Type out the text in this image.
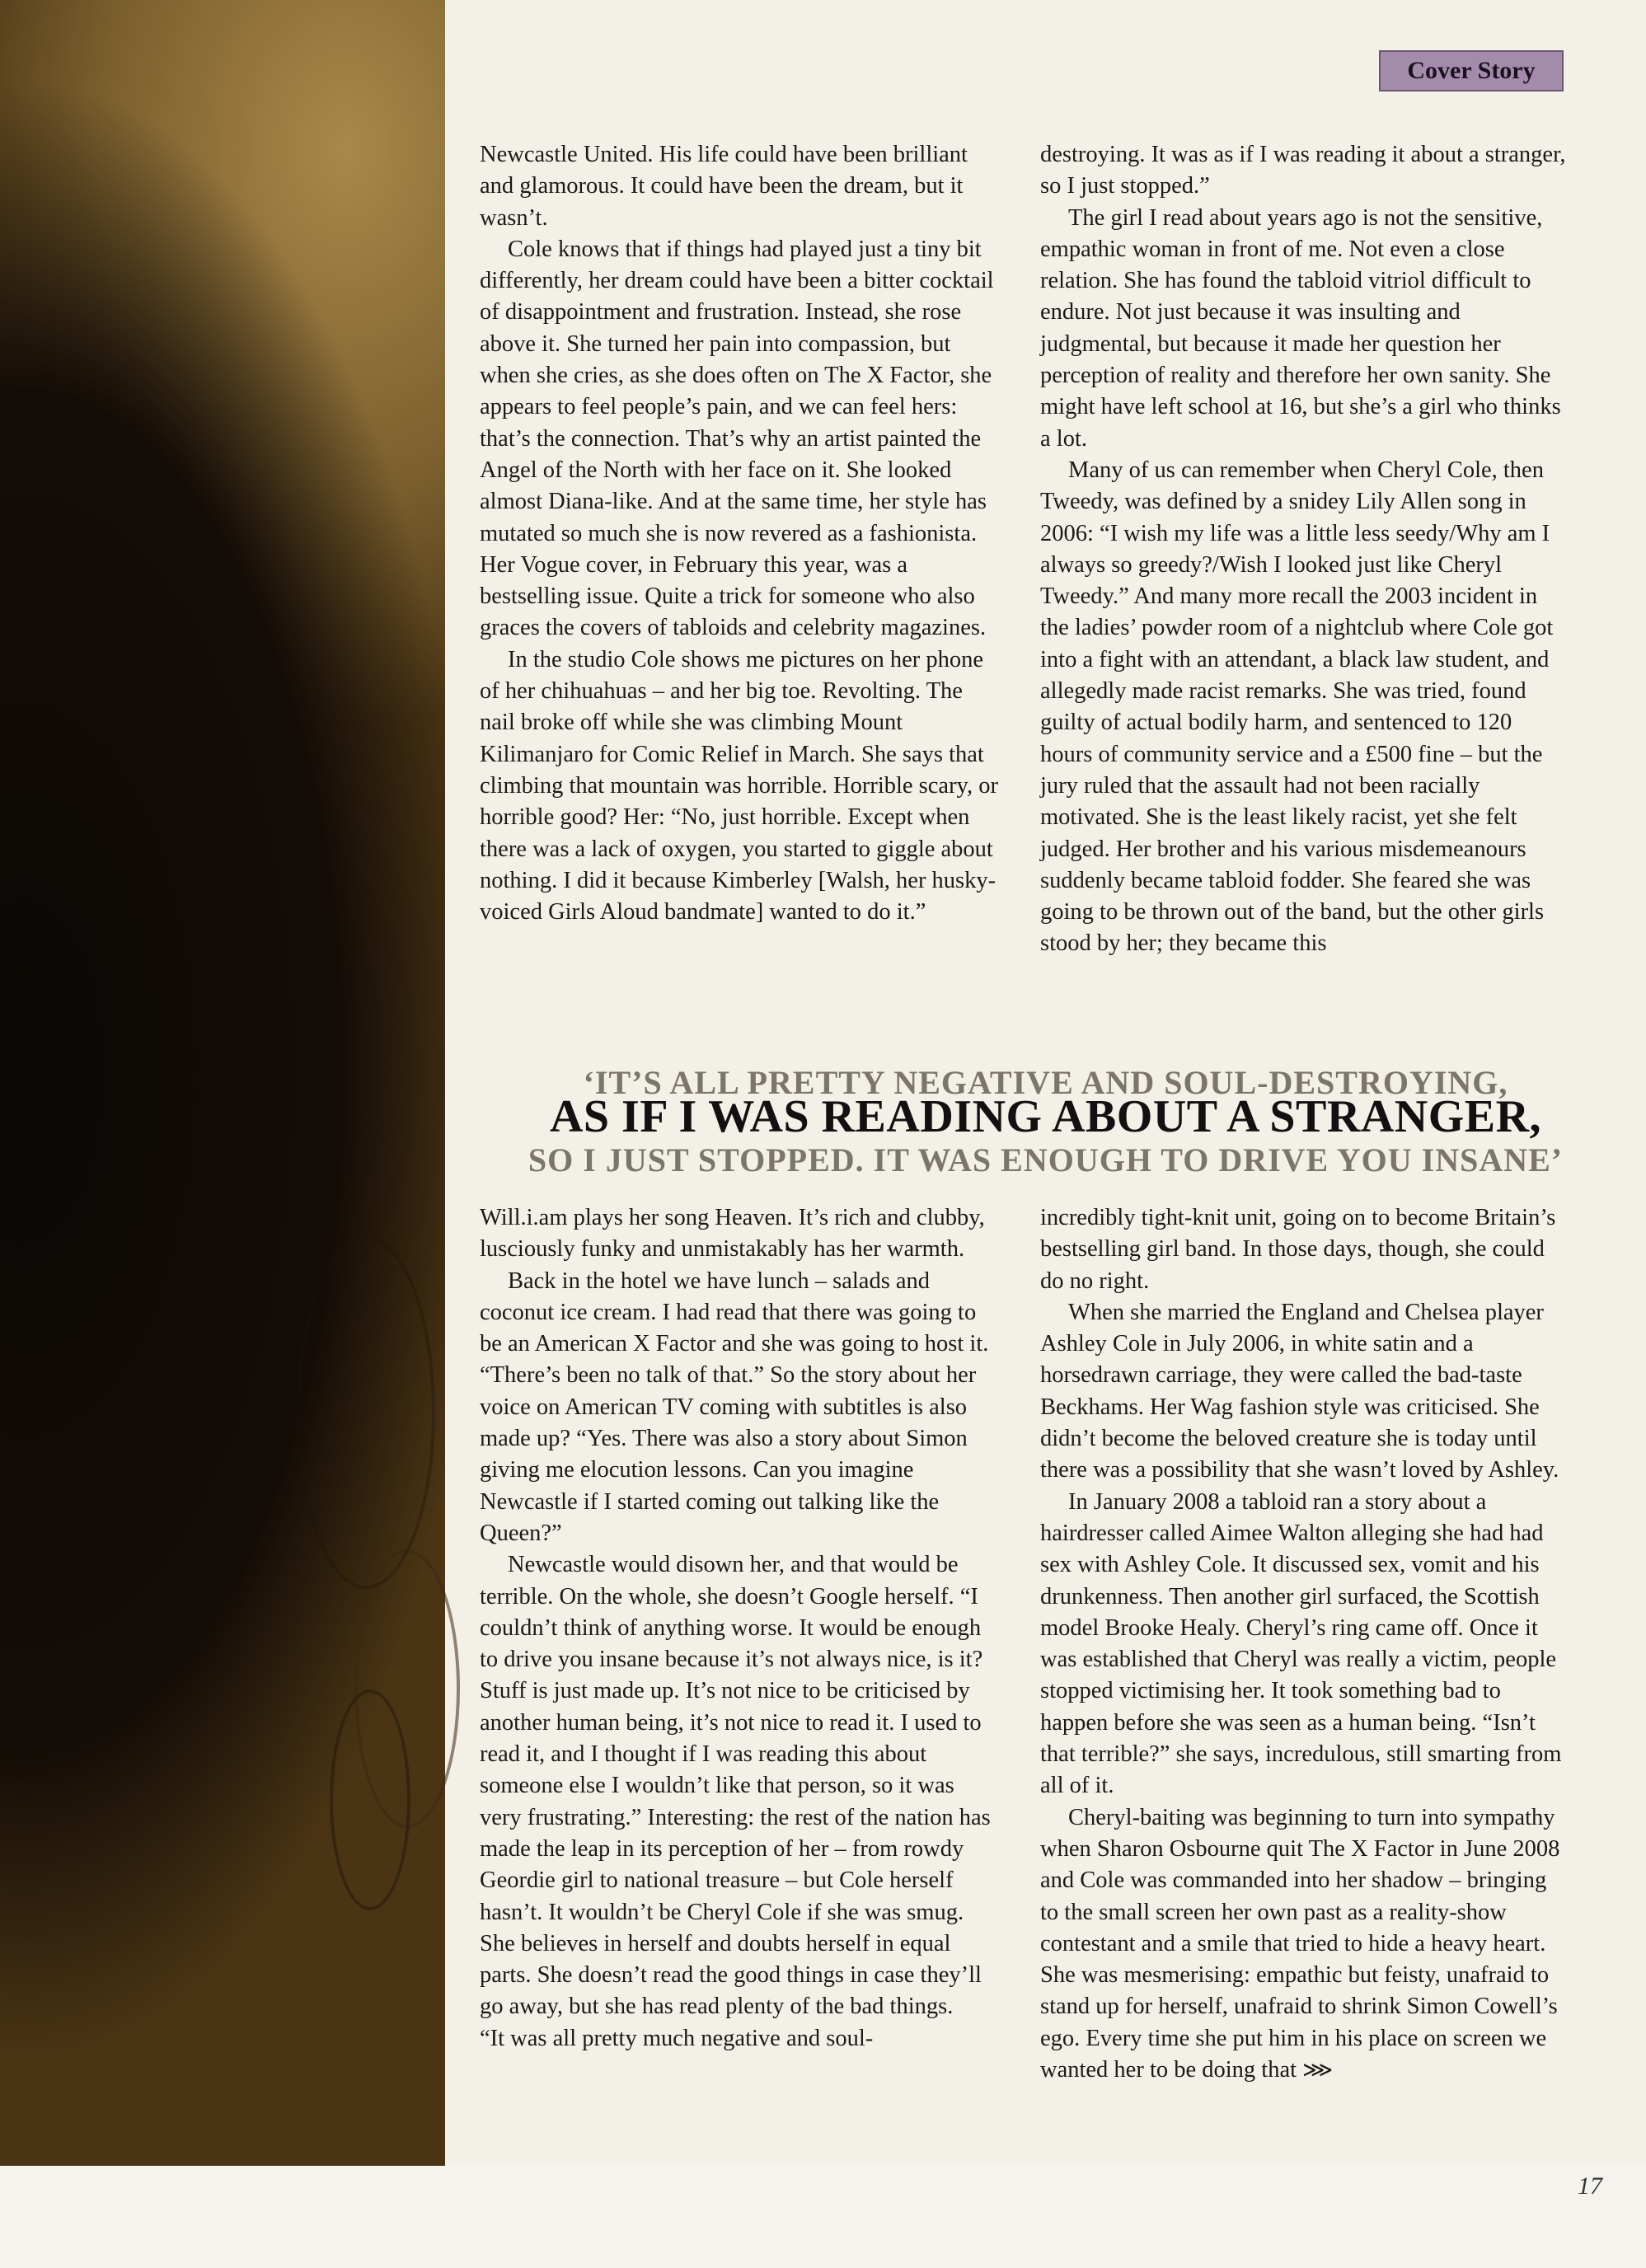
Cover Story

Newcastle United. His life could have been brilliant and glamorous. It could have been the dream, but it wasn’t.

Cole knows that if things had played just a tiny bit differently, her dream could have been a bitter cocktail of disappointment and frustration. Instead, she rose above it. She turned her pain into compassion, but when she cries, as she does often on The X Factor, she appears to feel people’s pain, and we can feel hers: that’s the connection. That’s why an artist painted the Angel of the North with her face on it. She looked almost Diana-like. And at the same time, her style has mutated so much she is now revered as a fashionista. Her Vogue cover, in February this year, was a bestselling issue. Quite a trick for someone who also graces the covers of tabloids and celebrity magazines.

In the studio Cole shows me pictures on her phone of her chihuahuas – and her big toe. Revolting. The nail broke off while she was climbing Mount Kilimanjaro for Comic Relief in March. She says that climbing that mountain was horrible. Horrible scary, or horrible good? Her: “No, just horrible. Except when there was a lack of oxygen, you started to giggle about nothing. I did it because Kimberley [Walsh, her husky-voiced Girls Aloud bandmate] wanted to do it.”

destroying. It was as if I was reading it about a stranger, so I just stopped.”

The girl I read about years ago is not the sensitive, empathic woman in front of me. Not even a close relation. She has found the tabloid vitriol difficult to endure. Not just because it was insulting and judgmental, but because it made her question her perception of reality and therefore her own sanity. She might have left school at 16, but she’s a girl who thinks a lot.

Many of us can remember when Cheryl Cole, then Tweedy, was defined by a snidey Lily Allen song in 2006: “I wish my life was a little less seedy/Why am I always so greedy?/Wish I looked just like Cheryl Tweedy.” And many more recall the 2003 incident in the ladies’ powder room of a nightclub where Cole got into a fight with an attendant, a black law student, and allegedly made racist remarks. She was tried, found guilty of actual bodily harm, and sentenced to 120 hours of community service and a £500 fine – but the jury ruled that the assault had not been racially motivated. She is the least likely racist, yet she felt judged. Her brother and his various misdemeanours suddenly became tabloid fodder. She feared she was going to be thrown out of the band, but the other girls stood by her; they became this

‘IT’S ALL PRETTY NEGATIVE AND SOUL-DESTROYING,
AS IF I WAS READING ABOUT A STRANGER,
SO I JUST STOPPED. IT WAS ENOUGH TO DRIVE YOU INSANE’

Will.i.am plays her song Heaven. It’s rich and clubby, lusciously funky and unmistakably has her warmth.

Back in the hotel we have lunch – salads and coconut ice cream. I had read that there was going to be an American X Factor and she was going to host it. “There’s been no talk of that.” So the story about her voice on American TV coming with subtitles is also made up? “Yes. There was also a story about Simon giving me elocution lessons. Can you imagine Newcastle if I started coming out talking like the Queen?”

Newcastle would disown her, and that would be terrible. On the whole, she doesn’t Google herself. “I couldn’t think of anything worse. It would be enough to drive you insane because it’s not always nice, is it? Stuff is just made up. It’s not nice to be criticised by another human being, it’s not nice to read it. I used to read it, and I thought if I was reading this about someone else I wouldn’t like that person, so it was very frustrating.” Interesting: the rest of the nation has made the leap in its perception of her – from rowdy Geordie girl to national treasure – but Cole herself hasn’t. It wouldn’t be Cheryl Cole if she was smug. She believes in herself and doubts herself in equal parts. She doesn’t read the good things in case they’ll go away, but she has read plenty of the bad things.

“It was all pretty much negative and soul-

incredibly tight-knit unit, going on to become Britain’s bestselling girl band. In those days, though, she could do no right.

When she married the England and Chelsea player Ashley Cole in July 2006, in white satin and a horsedrawn carriage, they were called the bad-taste Beckhams. Her Wag fashion style was criticised. She didn’t become the beloved creature she is today until there was a possibility that she wasn’t loved by Ashley.

In January 2008 a tabloid ran a story about a hairdresser called Aimee Walton alleging she had had sex with Ashley Cole. It discussed sex, vomit and his drunkenness. Then another girl surfaced, the Scottish model Brooke Healy. Cheryl’s ring came off. Once it was established that Cheryl was really a victim, people stopped victimising her. It took something bad to happen before she was seen as a human being. “Isn’t that terrible?” she says, incredulous, still smarting from all of it.

Cheryl-baiting was beginning to turn into sympathy when Sharon Osbourne quit The X Factor in June 2008 and Cole was commanded into her shadow – bringing to the small screen her own past as a reality-show contestant and a smile that tried to hide a heavy heart. She was mesmerising: empathic but feisty, unafraid to stand up for herself, unafraid to shrink Simon Cowell’s ego. Every time she put him in his place on screen we wanted her to be doing that ⋙

17
